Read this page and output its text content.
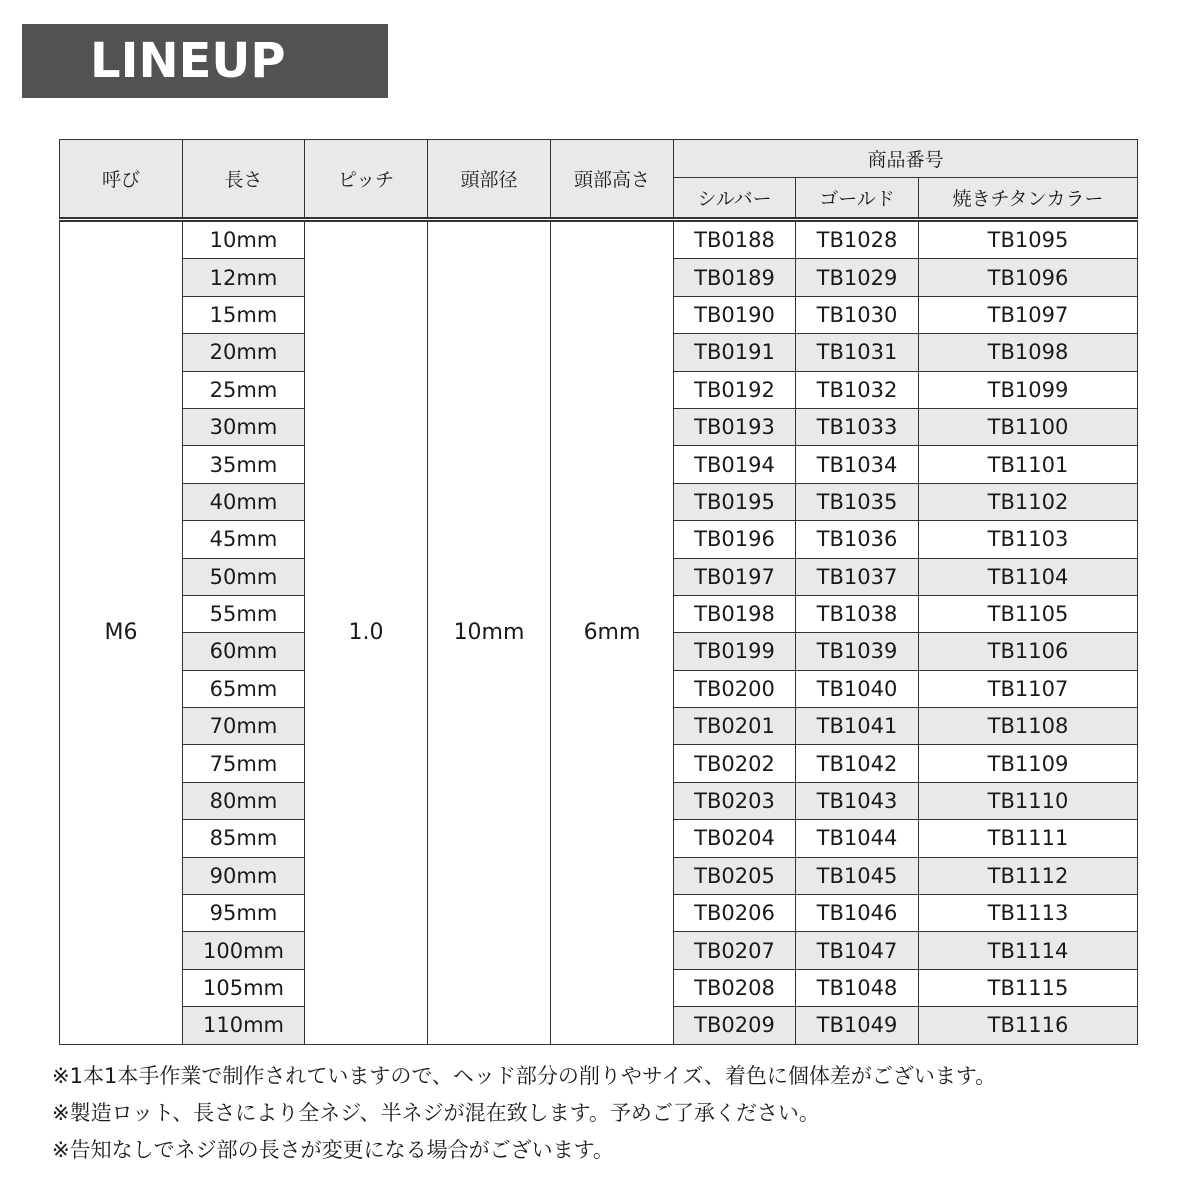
LINEUP
呼び	長さ	ピッチ	頭部径	頭部高さ	商品番号		
					シルバー	ゴールド	焼きチタンカラー
M6	10mm	1.0	10mm	6mm	TB0188	TB1028	TB1095
	12mm				TB0189	TB1029	TB1096
	15mm				TB0190	TB1030	TB1097
	20mm				TB0191	TB1031	TB1098
	25mm				TB0192	TB1032	TB1099
	30mm				TB0193	TB1033	TB1100
	35mm				TB0194	TB1034	TB1101
	40mm				TB0195	TB1035	TB1102
	45mm				TB0196	TB1036	TB1103
	50mm				TB0197	TB1037	TB1104
	55mm				TB0198	TB1038	TB1105
	60mm				TB0199	TB1039	TB1106
	65mm				TB0200	TB1040	TB1107
	70mm				TB0201	TB1041	TB1108
	75mm				TB0202	TB1042	TB1109
	80mm				TB0203	TB1043	TB1110
	85mm				TB0204	TB1044	TB1111
	90mm				TB0205	TB1045	TB1112
	95mm				TB0206	TB1046	TB1113
	100mm				TB0207	TB1047	TB1114
	105mm				TB0208	TB1048	TB1115
	110mm				TB0209	TB1049	TB1116
※1本1本手作業で制作されていますので、ヘッド部分の削りやサイズ、着色に個体差がございます。
※製造ロット、長さにより全ネジ、半ネジが混在致します。予めご了承ください。
※告知なしでネジ部の長さが変更になる場合がございます。
